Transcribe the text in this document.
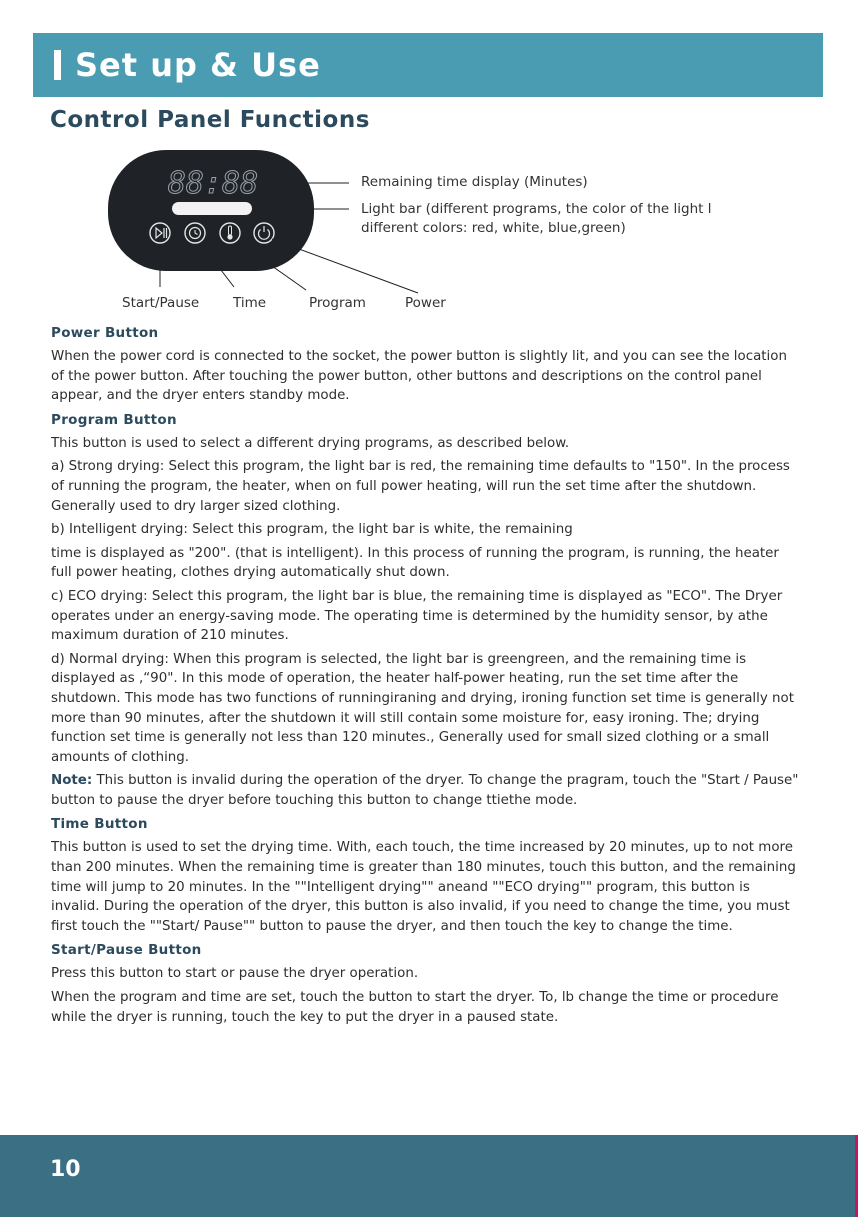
Set up & Use
Control Panel Functions
88:88	Remaining time display (Minutes)
Light bar (different programs, the color of the light l
different colors: red, white, blue,green)
Start/Pause	Time	Program	Power
Power Button

When the power cord is connected to the socket, the power button is slightly lit, and you can see the location of the power button. After touching the power button, other buttons and descriptions on the control panel appear, and the dryer enters standby mode.

Program Button

This button is used to select a different drying programs, as described below.

a) Strong drying: Select this program, the light bar is red, the remaining time defaults to "150". In the process of running the program, the heater, when on full power heating, will run the set time after the shutdown. Generally used to dry larger sized clothing.

b) Intelligent drying: Select this program, the light bar is white, the remaining

time is displayed as "200". (that is intelligent). In this process of running the program, is running, the heater full power heating, clothes drying automatically shut down.

c) ECO drying: Select this program, the light bar is blue, the remaining time is displayed as "ECO". The Dryer operates under an energy-saving mode. The operating time is determined by the humidity sensor, by athe maximum duration of 210 minutes.

d) Normal drying: When this program is selected, the light bar is greengreen, and the remaining time is displayed as ,“90". In this mode of operation, the heater half-power heating, run the set time after the shutdown. This mode has two functions of runningiraning and drying, ironing function set time is generally not more than 90 minutes, after the shutdown it will still contain some moisture for, easy ironing. The; drying function set time is generally not less than 120 minutes., Generally used for small sized clothing or a small amounts of clothing.

Note: This button is invalid during the operation of the dryer. To change the pragram, touch the "Start / Pause" button to pause the dryer before touching this button to change ttiethe mode.

Time Button

This button is used to set the drying time. With, each touch, the time increased by 20 minutes, up to not more than 200 minutes. When the remaining time is greater than 180 minutes, touch this button, and the remaining time will jump to 20 minutes. In the ""Intelligent drying"" aneand ""ECO drying"" program, this button is invalid. During the operation of the dryer, this button is also invalid, if you need to change the time, you must first touch the ""Start/ Pause"" button to pause the dryer, and then touch the key to change the time.

Start/Pause Button

Press this button to start or pause the dryer operation.

When the program and time are set, touch the button to start the dryer. To, lb change the time or procedure while the dryer is running, touch the key to put the dryer in a paused state.

10
